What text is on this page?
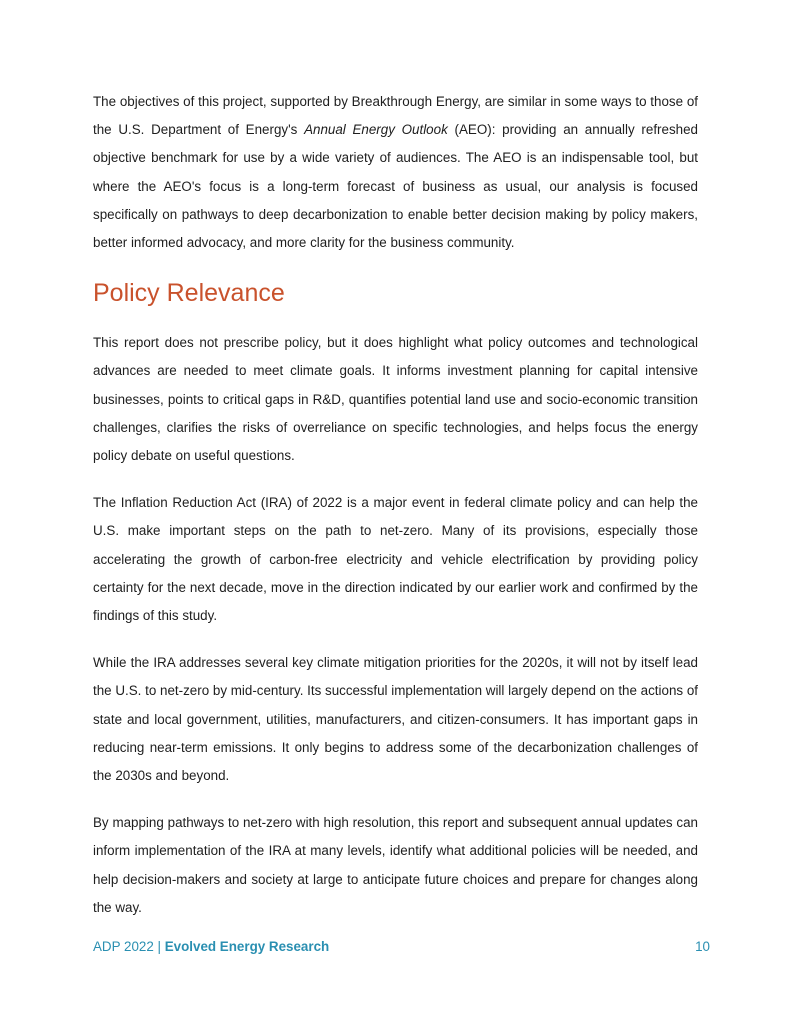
The objectives of this project, supported by Breakthrough Energy, are similar in some ways to those of the U.S. Department of Energy's Annual Energy Outlook (AEO): providing an annually refreshed objective benchmark for use by a wide variety of audiences. The AEO is an indispensable tool, but where the AEO's focus is a long-term forecast of business as usual, our analysis is focused specifically on pathways to deep decarbonization to enable better decision making by policy makers, better informed advocacy, and more clarity for the business community.

Policy Relevance

This report does not prescribe policy, but it does highlight what policy outcomes and technological advances are needed to meet climate goals. It informs investment planning for capital intensive businesses, points to critical gaps in R&D, quantifies potential land use and socio-economic transition challenges, clarifies the risks of overreliance on specific technologies, and helps focus the energy policy debate on useful questions.

The Inflation Reduction Act (IRA) of 2022 is a major event in federal climate policy and can help the U.S. make important steps on the path to net-zero. Many of its provisions, especially those accelerating the growth of carbon-free electricity and vehicle electrification by providing policy certainty for the next decade, move in the direction indicated by our earlier work and confirmed by the findings of this study.

While the IRA addresses several key climate mitigation priorities for the 2020s, it will not by itself lead the U.S. to net-zero by mid-century. Its successful implementation will largely depend on the actions of state and local government, utilities, manufacturers, and citizen-consumers. It has important gaps in reducing near-term emissions. It only begins to address some of the decarbonization challenges of the 2030s and beyond.

By mapping pathways to net-zero with high resolution, this report and subsequent annual updates can inform implementation of the IRA at many levels, identify what additional policies will be needed, and help decision-makers and society at large to anticipate future choices and prepare for changes along the way.

ADP 2022 | Evolved Energy Research	10
